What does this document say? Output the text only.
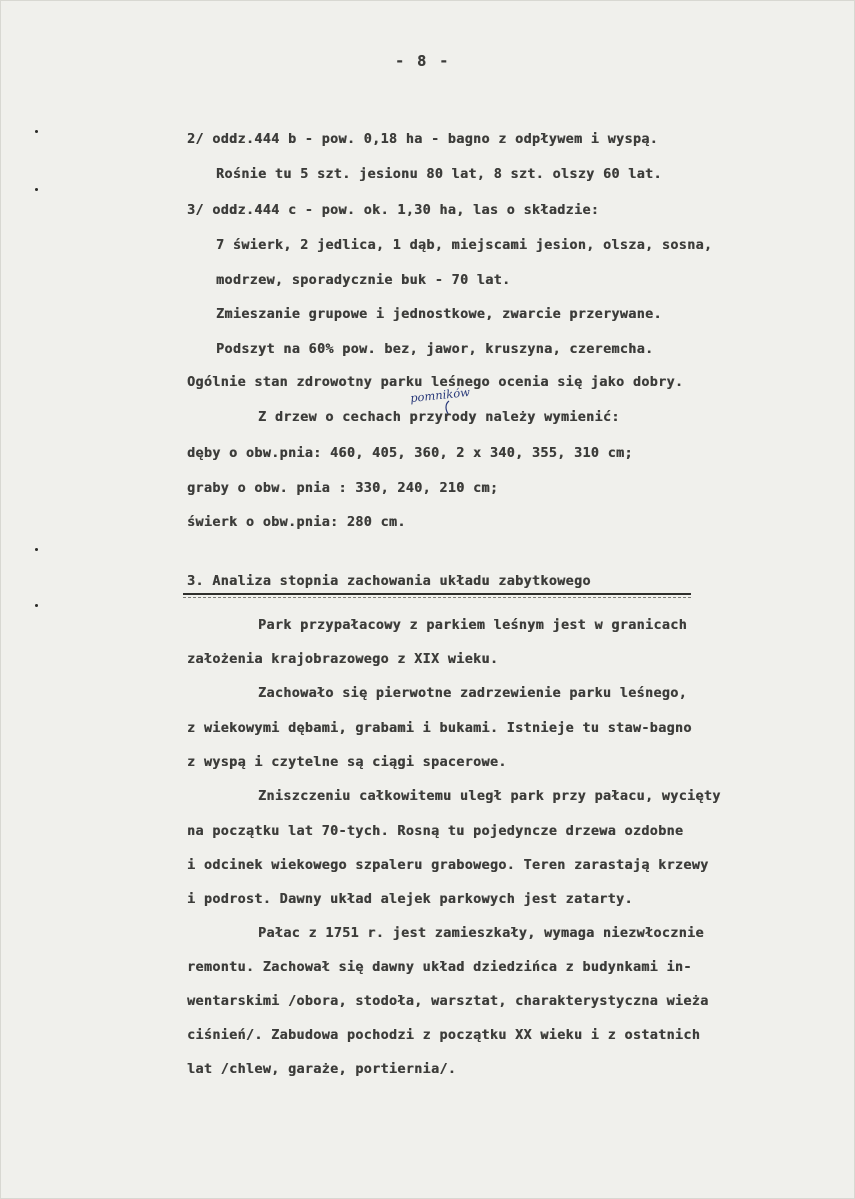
- 8 -
2/ oddz.444 b - pow. 0,18 ha - bagno z odpływem i wyspą.
Rośnie tu 5 szt. jesionu 80 lat, 8 szt. olszy 60 lat.
3/ oddz.444 c - pow. ok. 1,30 ha, las o składzie:
7 świerk, 2 jedlica, 1 dąb, miejscami jesion, olsza, sosna,
modrzew, sporadycznie buk - 70 lat.
Zmieszanie grupowe i jednostkowe, zwarcie przerywane.
Podszyt na 60% pow. bez, jawor, kruszyna, czeremcha.
Ogólnie stan zdrowotny parku leśnego ocenia się jako dobry.
pomników
Z drzew o cechach przyrody należy wymienić:
dęby o obw.pnia: 460, 405, 360, 2 x 340, 355, 310 cm;
graby o obw. pnia : 330, 240, 210 cm;
świerk o obw.pnia: 280 cm.
3. Analiza stopnia zachowania układu zabytkowego
Park przypałacowy z parkiem leśnym jest w granicach
założenia krajobrazowego z XIX wieku.
Zachowało się pierwotne zadrzewienie parku leśnego,
z wiekowymi dębami, grabami i bukami. Istnieje tu staw-bagno
z wyspą i czytelne są ciągi spacerowe.
Zniszczeniu całkowitemu uległ park przy pałacu, wycięty
na początku lat 70-tych. Rosną tu pojedyncze drzewa ozdobne
i odcinek wiekowego szpaleru grabowego. Teren zarastają krzewy
i podrost. Dawny układ alejek parkowych jest zatarty.
Pałac z 1751 r. jest zamieszkały, wymaga niezwłocznie
remontu. Zachował się dawny układ dziedzińca z budynkami in-
wentarskimi /obora, stodoła, warsztat, charakterystyczna wieża
ciśnień/. Zabudowa pochodzi z początku XX wieku i z ostatnich
lat /chlew, garaże, portiernia/.
